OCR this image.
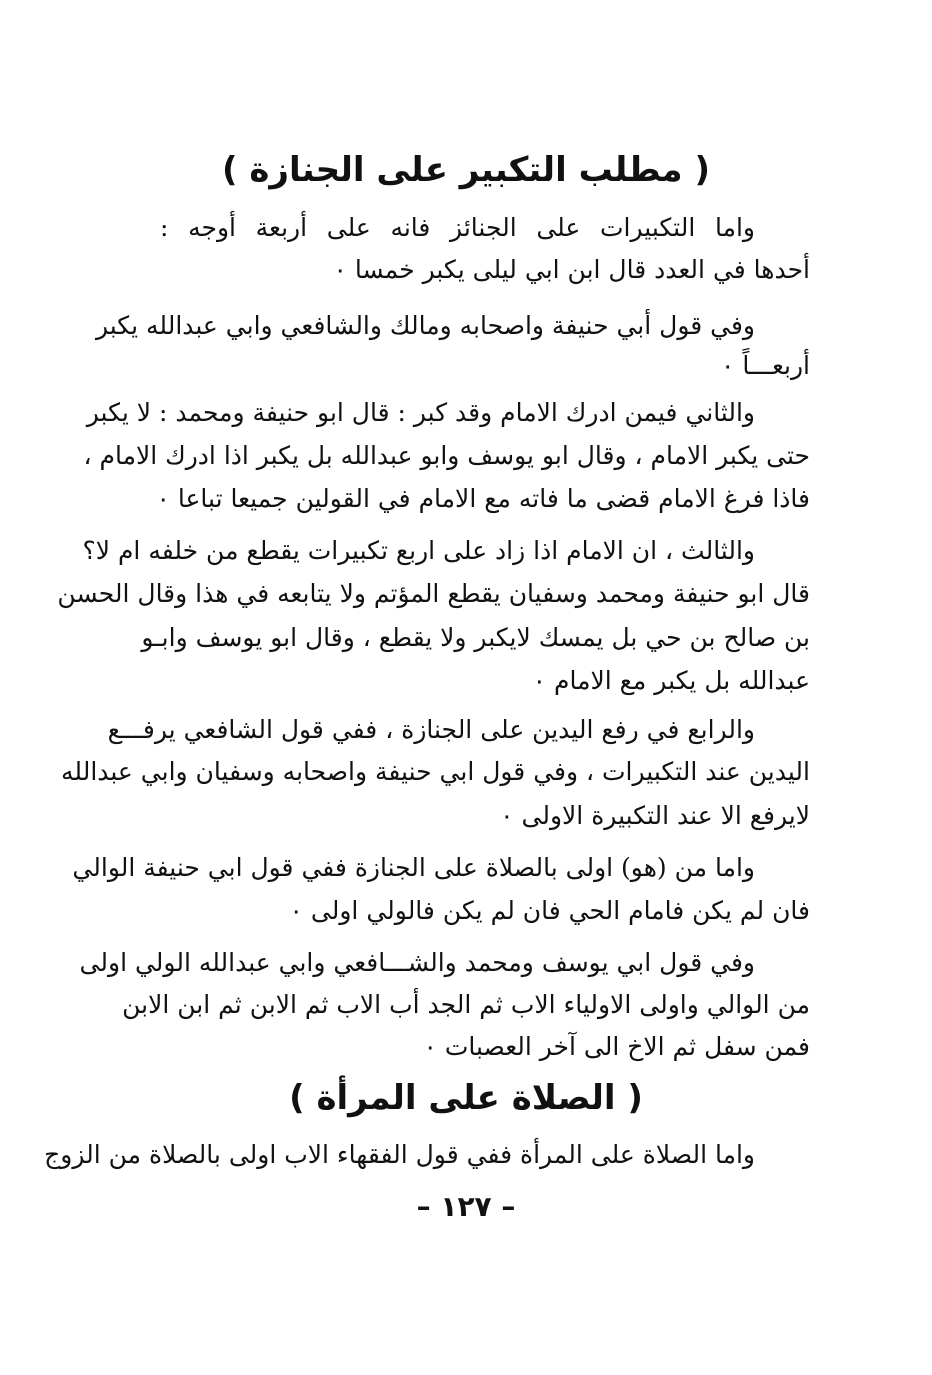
( مطلب التكبير على الجنازة )
واما التكبيرات على الجنائز فانه على أربعة أوجه :
أحدها في العدد قال ابن ابي ليلى يكبر خمسا ٠
وفي قول أبي حنيفة واصحابه ومالك والشافعي وابي عبدالله يكبر
أربعـــاً ٠
والثاني فيمن ادرك الامام وقد كبر : قال ابو حنيفة ومحمد : لا يكبر
حتى يكبر الامام ، وقال ابو يوسف وابو عبدالله بل يكبر اذا ادرك الامام ،
فاذا فرغ الامام قضى ما فاته مع الامام في القولين جميعا تباعا ٠
والثالث ، ان الامام اذا زاد على اربع تكبيرات يقطع من خلفه ام لا؟
قال ابو حنيفة ومحمد وسفيان يقطع المؤتم ولا يتابعه في هذا وقال الحسن
بن صالح بن حي بل يمسك لايكبر ولا يقطع ، وقال ابو يوسف وابـو
عبدالله بل يكبر مع الامام ٠
والرابع في رفع اليدين على الجنازة ، ففي قول الشافعي يرفـــع
اليدين عند التكبيرات ، وفي قول ابي حنيفة واصحابه وسفيان وابي عبدالله
لايرفع الا عند التكبيرة الاولى ٠
واما من (هو) اولى بالصلاة على الجنازة ففي قول ابي حنيفة الوالي
فان لم يكن فامام الحي فان لم يكن فالولي اولى ٠
وفي قول ابي يوسف ومحمد والشـــافعي وابي عبدالله الولي اولى
من الوالي واولى الاولياء الاب ثم الجد أب الاب ثم الابن ثم ابن الابن
فمن سفل ثم الاخ الى آخر العصبات ٠
( الصلاة على المرأة )
واما الصلاة على المرأة ففي قول الفقهاء الاب اولى بالصلاة من الزوج
– ١٢٧ –
